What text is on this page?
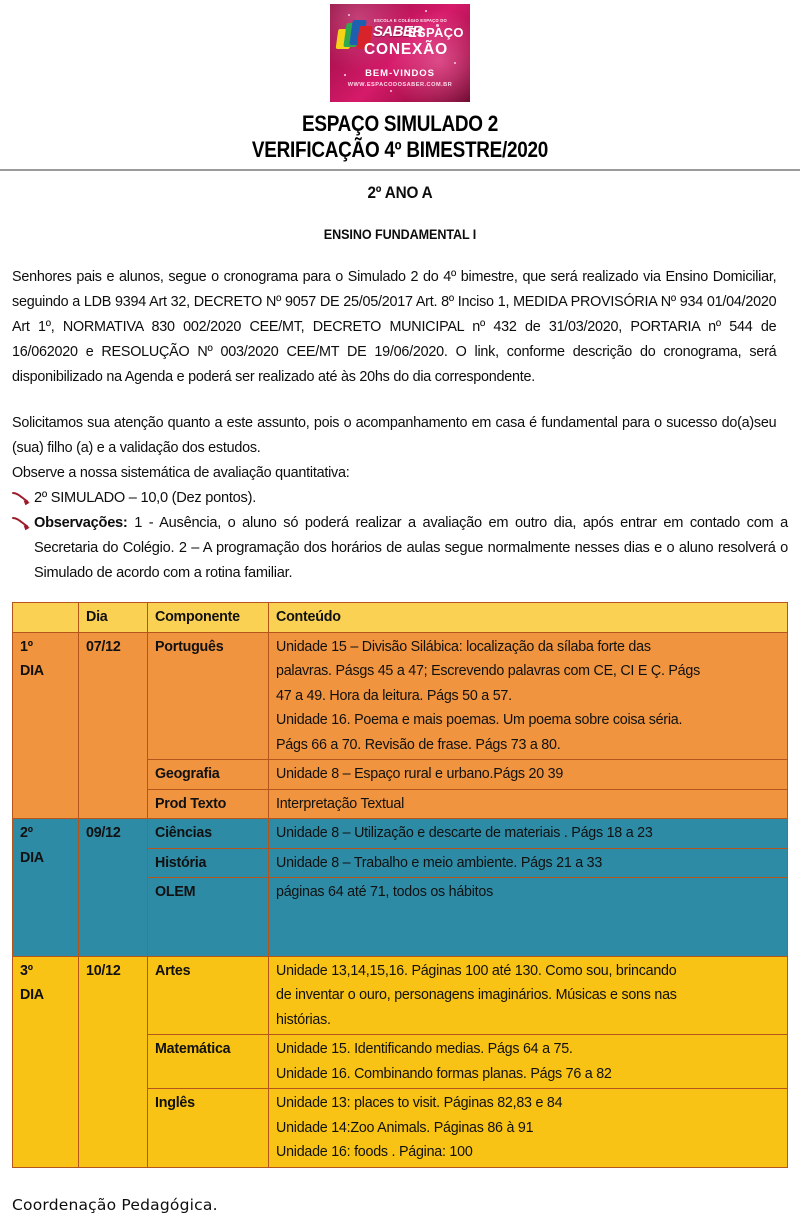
ESCOLA E COLÉGIO ESPAÇO DO
SABER
ESPAÇO
CONEXÃO
BEM-VINDOS
WWW.ESPACODOSABER.COM.BR
ESPAÇO SIMULADO 2
VERIFICAÇÃO 4º BIMESTRE/2020
2º ANO A
ENSINO FUNDAMENTAL I
Senhores pais e alunos, segue o cronograma para o Simulado 2 do 4º bimestre, que será realizado via Ensino Domiciliar, seguindo a LDB 9394 Art 32, DECRETO Nº 9057 DE 25/05/2017 Art. 8º Inciso 1, MEDIDA PROVISÓRIA Nº 934 01/04/2020 Art 1º, NORMATIVA 830 002/2020 CEE/MT, DECRETO MUNICIPAL nº 432 de 31/03/2020, PORTARIA nº 544 de 16/062020 e RESOLUÇÃO Nº 003/2020 CEE/MT DE 19/06/2020. O link, conforme descrição do cronograma, será disponibilizado na Agenda e poderá ser realizado até às 20hs do dia correspondente.
Solicitamos sua atenção quanto a este assunto, pois o acompanhamento em casa é fundamental para o sucesso do(a)seu (sua) filho (a) e a validação dos estudos.
Observe a nossa sistemática de avaliação quantitativa:
2º SIMULADO – 10,0 (Dez pontos).
Observações: 1 - Ausência, o aluno só poderá realizar a avaliação em outro dia, após entrar em contado com a Secretaria do Colégio. 2 – A programação dos horários de aulas segue normalmente nesses dias e o aluno resolverá o Simulado de acordo com a rotina familiar.
	Dia	Componente	Conteúdo

1º
DIA
	07/12	Português	Unidade 15 – Divisão Silábica: localização da sílaba forte das

palavras. Pásgs 45 a 47; Escrevendo palavras com CE, CI E Ç. Págs

47 a 49. Hora da leitura. Págs 50 a 57.

Unidade 16. Poema e mais poemas. Um poema sobre coisa séria.

Págs 66 a 70. Revisão de frase. Págs 73 a 80.

		Geografia	Unidade 8 – Espaço rural e urbano.Págs 20 39

		Prod Texto	Interpretação Textual

2º
DIA	09/12	Ciências	Unidade 8 – Utilização e descarte de materiais . Págs 18 a 23

		História	Unidade 8 – Trabalho e meio ambiente. Págs 21 a 33

		OLEM	páginas 64 até 71, todos os hábitos

3º
DIA
	10/12	Artes	Unidade 13,14,15,16. Páginas 100 até 130. Como sou, brincando

de inventar o ouro, personagens imaginários. Músicas e sons nas

histórias.

		Matemática	Unidade 15. Identificando medias. Págs 64 a 75.

Unidade 16. Combinando formas planas. Págs 76 a 82

		Inglês	Unidade 13: places to visit. Páginas 82,83 e 84

Unidade 14:Zoo Animals. Páginas 86 à 91

Unidade 16: foods . Página: 100

Coordenação Pedagógica.
